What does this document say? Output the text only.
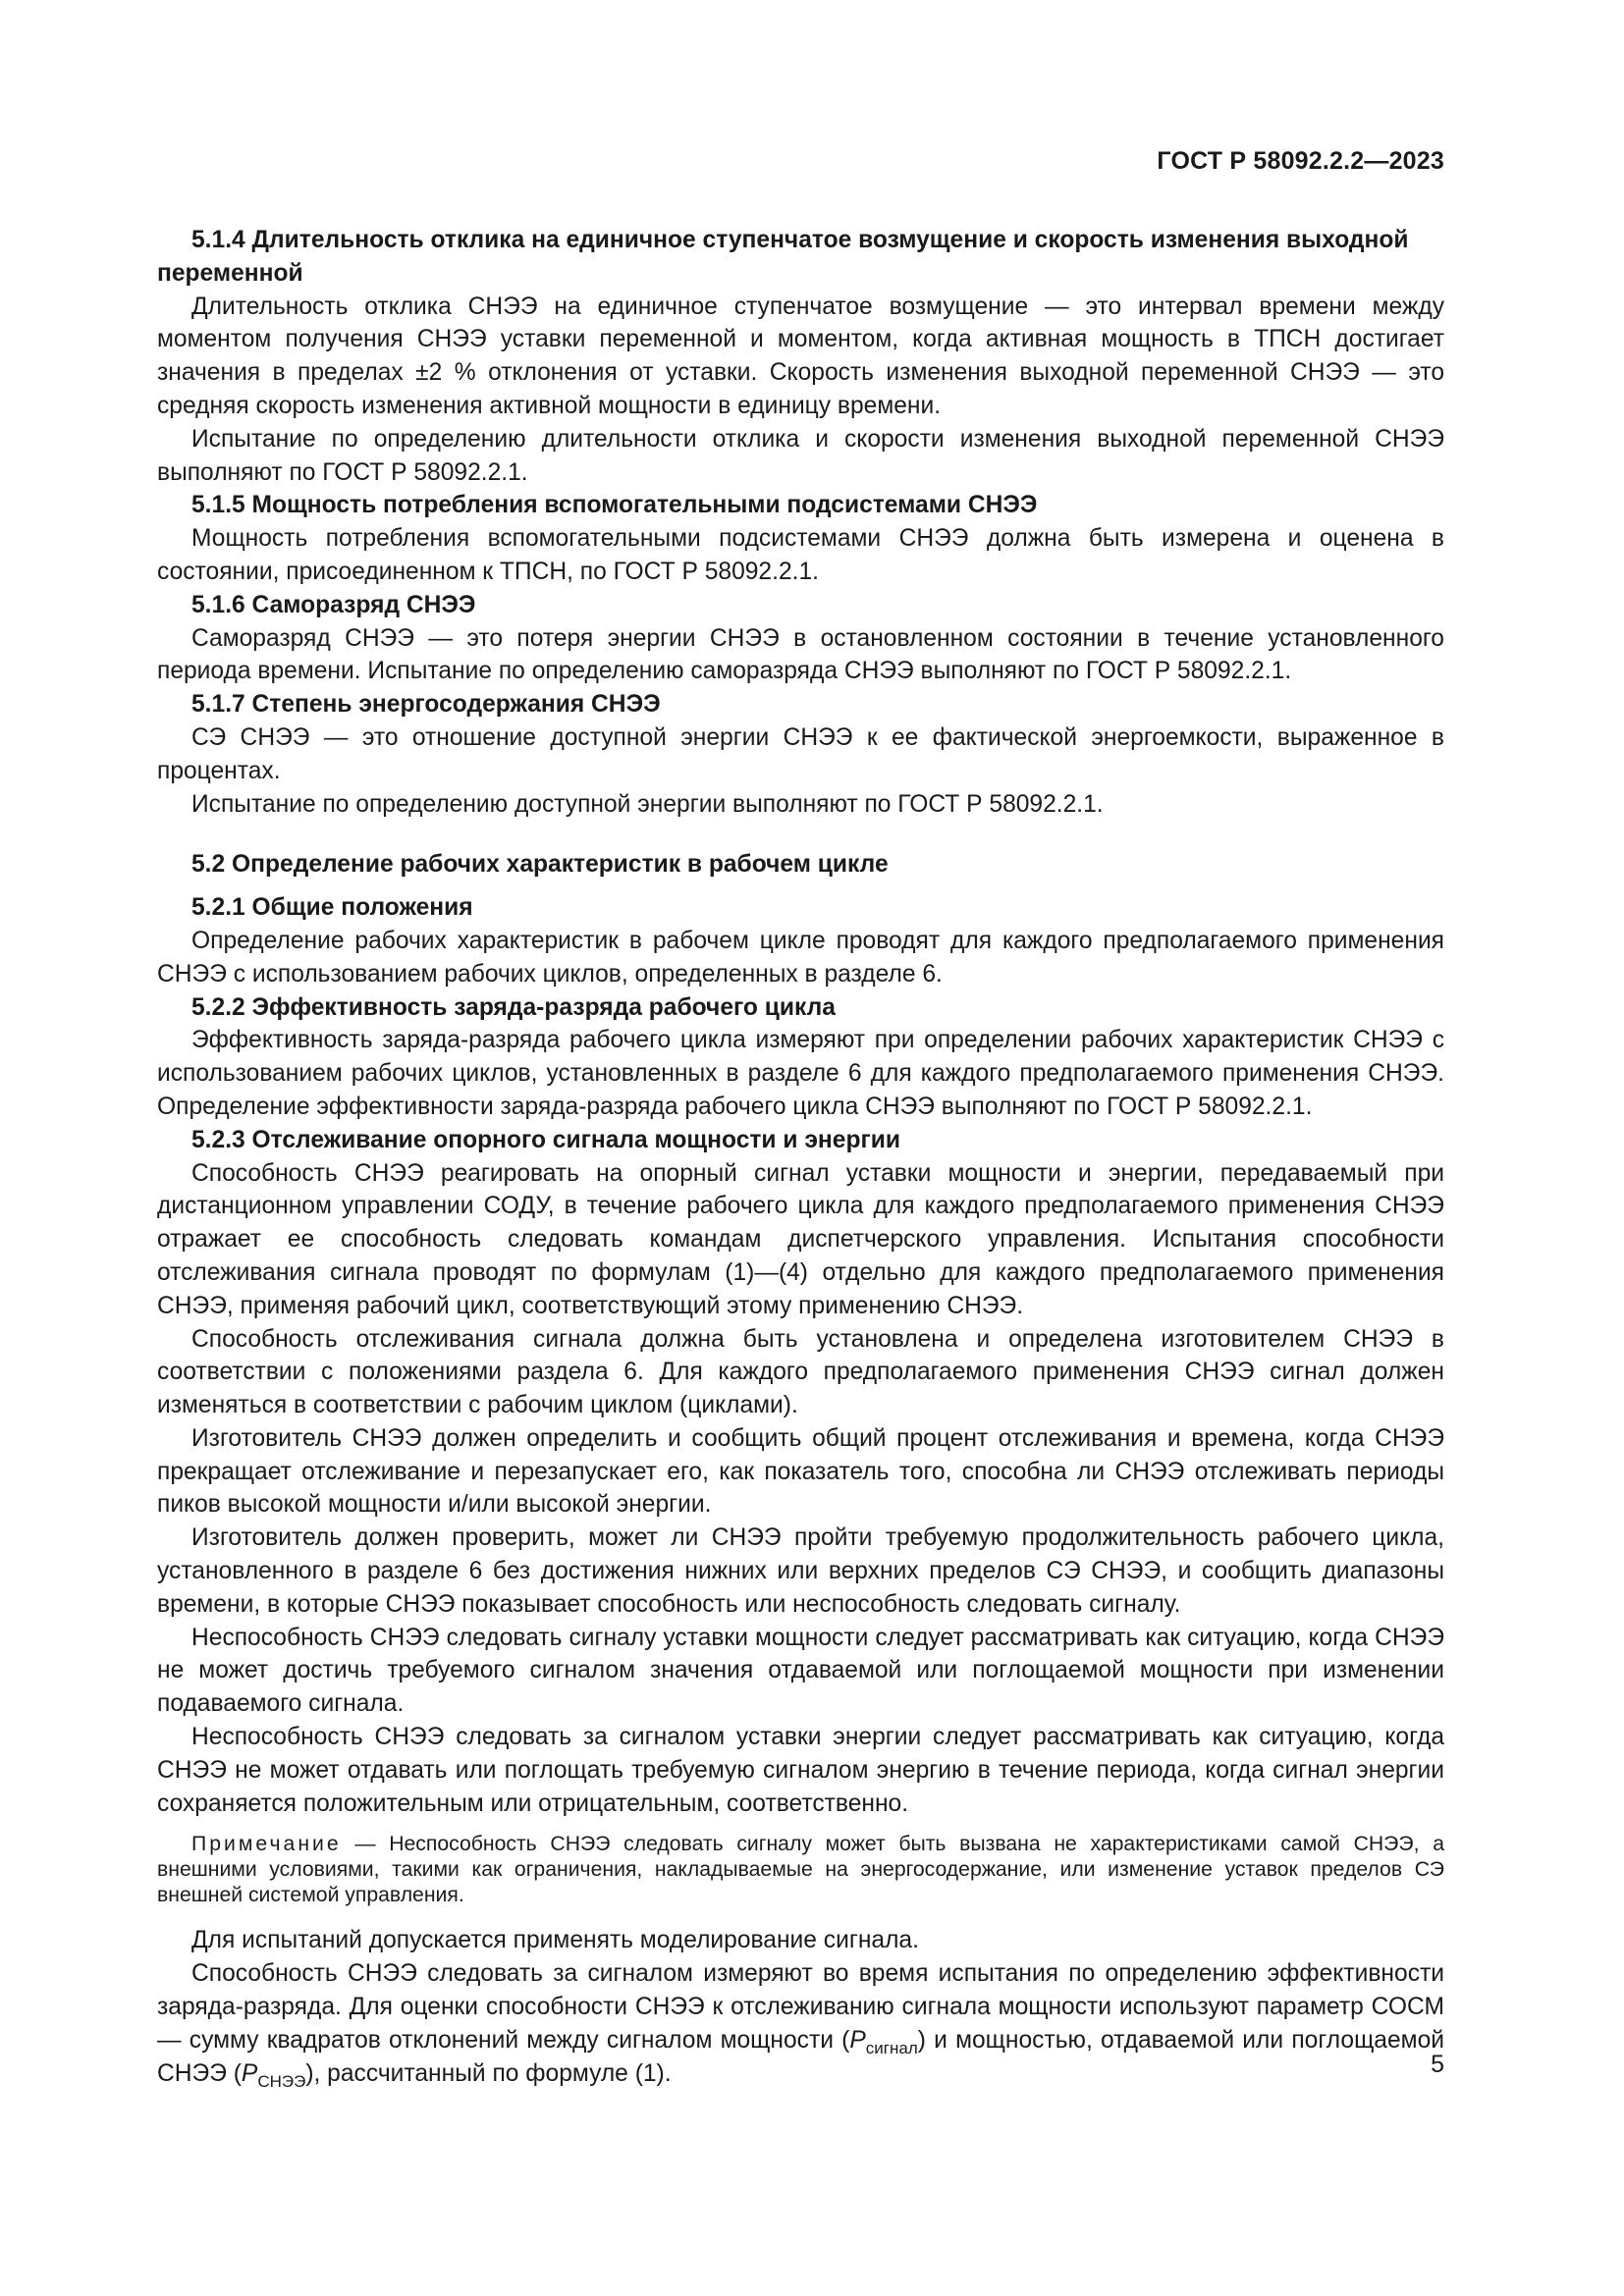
ГОСТ Р 58092.2.2—2023

5.1.4 Длительность отклика на единичное ступенчатое возмущение и скорость изменения выходной переменной

Длительность отклика СНЭЭ на единичное ступенчатое возмущение — это интервал времени между моментом получения СНЭЭ уставки переменной и моментом, когда активная мощность в ТПСН достигает значения в пределах ±2 % отклонения от уставки. Скорость изменения выходной переменной СНЭЭ — это средняя скорость изменения активной мощности в единицу времени.

Испытание по определению длительности отклика и скорости изменения выходной переменной СНЭЭ выполняют по ГОСТ Р 58092.2.1.

5.1.5 Мощность потребления вспомогательными подсистемами СНЭЭ

Мощность потребления вспомогательными подсистемами СНЭЭ должна быть измерена и оценена в состоянии, присоединенном к ТПСН, по ГОСТ Р 58092.2.1.

5.1.6 Саморазряд СНЭЭ

Саморазряд СНЭЭ — это потеря энергии СНЭЭ в остановленном состоянии в течение установленного периода времени. Испытание по определению саморазряда СНЭЭ выполняют по ГОСТ Р 58092.2.1.

5.1.7 Степень энергосодержания СНЭЭ

СЭ СНЭЭ — это отношение доступной энергии СНЭЭ к ее фактической энергоемкости, выраженное в процентах.

Испытание по определению доступной энергии выполняют по ГОСТ Р 58092.2.1.

5.2 Определение рабочих характеристик в рабочем цикле

5.2.1 Общие положения

Определение рабочих характеристик в рабочем цикле проводят для каждого предполагаемого применения СНЭЭ с использованием рабочих циклов, определенных в разделе 6.

5.2.2 Эффективность заряда-разряда рабочего цикла

Эффективность заряда-разряда рабочего цикла измеряют при определении рабочих характеристик СНЭЭ с использованием рабочих циклов, установленных в разделе 6 для каждого предполагаемого применения СНЭЭ. Определение эффективности заряда-разряда рабочего цикла СНЭЭ выполняют по ГОСТ Р 58092.2.1.

5.2.3 Отслеживание опорного сигнала мощности и энергии

Способность СНЭЭ реагировать на опорный сигнал уставки мощности и энергии, передаваемый при дистанционном управлении СОДУ, в течение рабочего цикла для каждого предполагаемого применения СНЭЭ отражает ее способность следовать командам диспетчерского управления. Испытания способности отслеживания сигнала проводят по формулам (1)—(4) отдельно для каждого предполагаемого применения СНЭЭ, применяя рабочий цикл, соответствующий этому применению СНЭЭ.

Способность отслеживания сигнала должна быть установлена и определена изготовителем СНЭЭ в соответствии с положениями раздела 6. Для каждого предполагаемого применения СНЭЭ сигнал должен изменяться в соответствии с рабочим циклом (циклами).

Изготовитель СНЭЭ должен определить и сообщить общий процент отслеживания и времена, когда СНЭЭ прекращает отслеживание и перезапускает его, как показатель того, способна ли СНЭЭ отслеживать периоды пиков высокой мощности и/или высокой энергии.

Изготовитель должен проверить, может ли СНЭЭ пройти требуемую продолжительность рабочего цикла, установленного в разделе 6 без достижения нижних или верхних пределов СЭ СНЭЭ, и сообщить диапазоны времени, в которые СНЭЭ показывает способность или неспособность следовать сигналу.

Неспособность СНЭЭ следовать сигналу уставки мощности следует рассматривать как ситуацию, когда СНЭЭ не может достичь требуемого сигналом значения отдаваемой или поглощаемой мощности при изменении подаваемого сигнала.

Неспособность СНЭЭ следовать за сигналом уставки энергии следует рассматривать как ситуацию, когда СНЭЭ не может отдавать или поглощать требуемую сигналом энергию в течение периода, когда сигнал энергии сохраняется положительным или отрицательным, соответственно.

Примечание — Неспособность СНЭЭ следовать сигналу может быть вызвана не характеристиками самой СНЭЭ, а внешними условиями, такими как ограничения, накладываемые на энергосодержание, или изменение уставок пределов СЭ внешней системой управления.

Для испытаний допускается применять моделирование сигнала.

Способность СНЭЭ следовать за сигналом измеряют во время испытания по определению эффективности заряда-разряда. Для оценки способности СНЭЭ к отслеживанию сигнала мощности используют параметр СОСМ — сумму квадратов отклонений между сигналом мощности $(P_{сигнал})$ и мощностью, отдаваемой или поглощаемой СНЭЭ $(P_{СНЭЭ})$, рассчитанный по формуле (1).	5
